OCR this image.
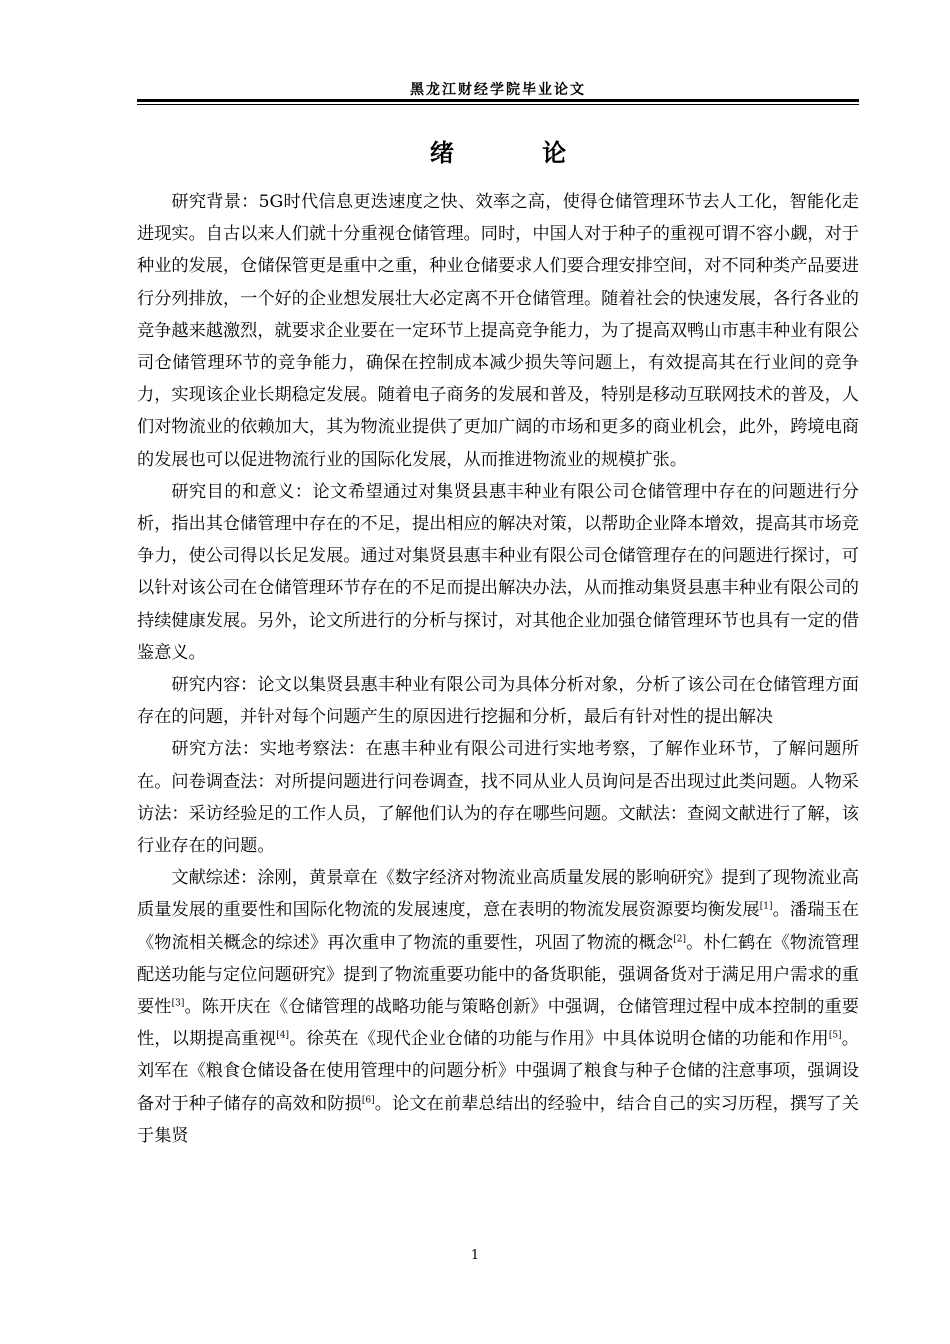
黑龙江财经学院毕业论文
绪 论

研究背景：5G时代信息更迭速度之快、效率之高，使得仓储管理环节去人工化，智能化走进现实。自古以来人们就十分重视仓储管理。同时，中国人对于种子的重视可谓不容小觑，对于种业的发展，仓储保管更是重中之重，种业仓储要求人们要合理安排空间，对不同种类产品要进行分列排放，一个好的企业想发展壮大必定离不开仓储管理。随着社会的快速发展，各行各业的竞争越来越激烈，就要求企业要在一定环节上提高竞争能力，为了提高双鸭山市惠丰种业有限公司仓储管理环节的竞争能力，确保在控制成本减少损失等问题上，有效提高其在行业间的竞争力，实现该企业长期稳定发展。随着电子商务的发展和普及，特别是移动互联网技术的普及，人们对物流业的依赖加大，其为物流业提供了更加广阔的市场和更多的商业机会，此外，跨境电商的发展也可以促进物流行业的国际化发展，从而推进物流业的规模扩张。

研究目的和意义：论文希望通过对集贤县惠丰种业有限公司仓储管理中存在的问题进行分析，指出其仓储管理中存在的不足，提出相应的解决对策，以帮助企业降本增效，提高其市场竞争力，使公司得以长足发展。通过对集贤县惠丰种业有限公司仓储管理存在的问题进行探讨，可以针对该公司在仓储管理环节存在的不足而提出解决办法，从而推动集贤县惠丰种业有限公司的持续健康发展。另外，论文所进行的分析与探讨，对其他企业加强仓储管理环节也具有一定的借鉴意义。

研究内容：论文以集贤县惠丰种业有限公司为具体分析对象，分析了该公司在仓储管理方面存在的问题，并针对每个问题产生的原因进行挖掘和分析，最后有针对性的提出解决

研究方法：实地考察法：在惠丰种业有限公司进行实地考察，了解作业环节，了解问题所在。问卷调查法：对所提问题进行问卷调查，找不同从业人员询问是否出现过此类问题。人物采访法：采访经验足的工作人员，了解他们认为的存在哪些问题。文献法：查阅文献进行了解，该行业存在的问题。

文献综述：涂刚，黄景章在《数字经济对物流业高质量发展的影响研究》提到了现物流业高质量发展的重要性和国际化物流的发展速度，意在表明的物流发展资源要均衡发展[1]。潘瑞玉在《物流相关概念的综述》再次重申了物流的重要性，巩固了物流的概念[2]。朴仁鹤在《物流管理配送功能与定位问题研究》提到了物流重要功能中的备货职能，强调备货对于满足用户需求的重要性[3]。陈开庆在《仓储管理的战略功能与策略创新》中强调，仓储管理过程中成本控制的重要性，以期提高重视[4]。徐英在《现代企业仓储的功能与作用》中具体说明仓储的功能和作用[5]。刘军在《粮食仓储设备在使用管理中的问题分析》中强调了粮食与种子仓储的注意事项，强调设备对于种子储存的高效和防损[6]。论文在前辈总结出的经验中，结合自己的实习历程，撰写了关于集贤

1
